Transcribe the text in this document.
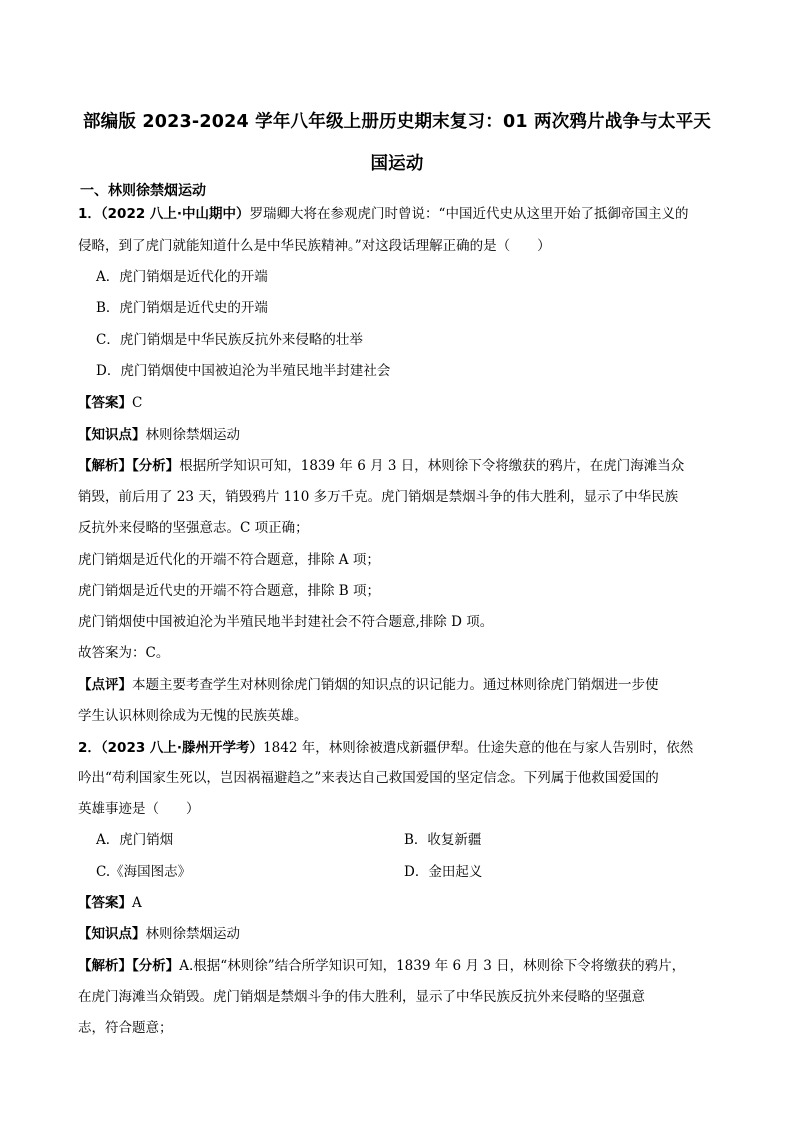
部编版 2023-2024 学年八年级上册历史期末复习：01 两次鸦片战争与太平天
国运动
一、林则徐禁烟运动
1．（2022 八上·中山期中）罗瑞卿大将在参观虎门时曾说：“中国近代史从这里开始了抵御帝国主义的
侵略，到了虎门就能知道什么是中华民族精神。”对这段话理解正确的是（　　）
A．虎门销烟是近代化的开端
B．虎门销烟是近代史的开端
C．虎门销烟是中华民族反抗外来侵略的壮举
D．虎门销烟使中国被迫沦为半殖民地半封建社会
【答案】C
【知识点】林则徐禁烟运动
【解析】【分析】根据所学知识可知，1839 年 6 月 3 日，林则徐下令将缴获的鸦片，在虎门海滩当众
销毁，前后用了 23 天，销毁鸦片 110 多万千克。虎门销烟是禁烟斗争的伟大胜利，显示了中华民族
反抗外来侵略的坚强意志。C 项正确；
虎门销烟是近代化的开端不符合题意，排除 A 项；
虎门销烟是近代史的开端不符合题意，排除 B 项；
虎门销烟使中国被迫沦为半殖民地半封建社会不符合题意,排除 D 项。
故答案为：C。
【点评】本题主要考查学生对林则徐虎门销烟的知识点的识记能力。通过林则徐虎门销烟进一步使
学生认识林则徐成为无愧的民族英雄。
2．（2023 八上·滕州开学考）1842 年，林则徐被遣戍新疆伊犁。仕途失意的他在与家人告别时，依然
吟出“苟利国家生死以，岂因祸福避趋之”来表达自己救国爱国的坚定信念。下列属于他救国爱国的
英雄事迹是（　　）
A．虎门销烟	B．收复新疆
C.《海国图志》	D．金田起义
【答案】A
【知识点】林则徐禁烟运动
【解析】【分析】A.根据“林则徐”结合所学知识可知，1839 年 6 月 3 日，林则徐下令将缴获的鸦片，
在虎门海滩当众销毁。虎门销烟是禁烟斗争的伟大胜利，显示了中华民族反抗外来侵略的坚强意
志，符合题意；
